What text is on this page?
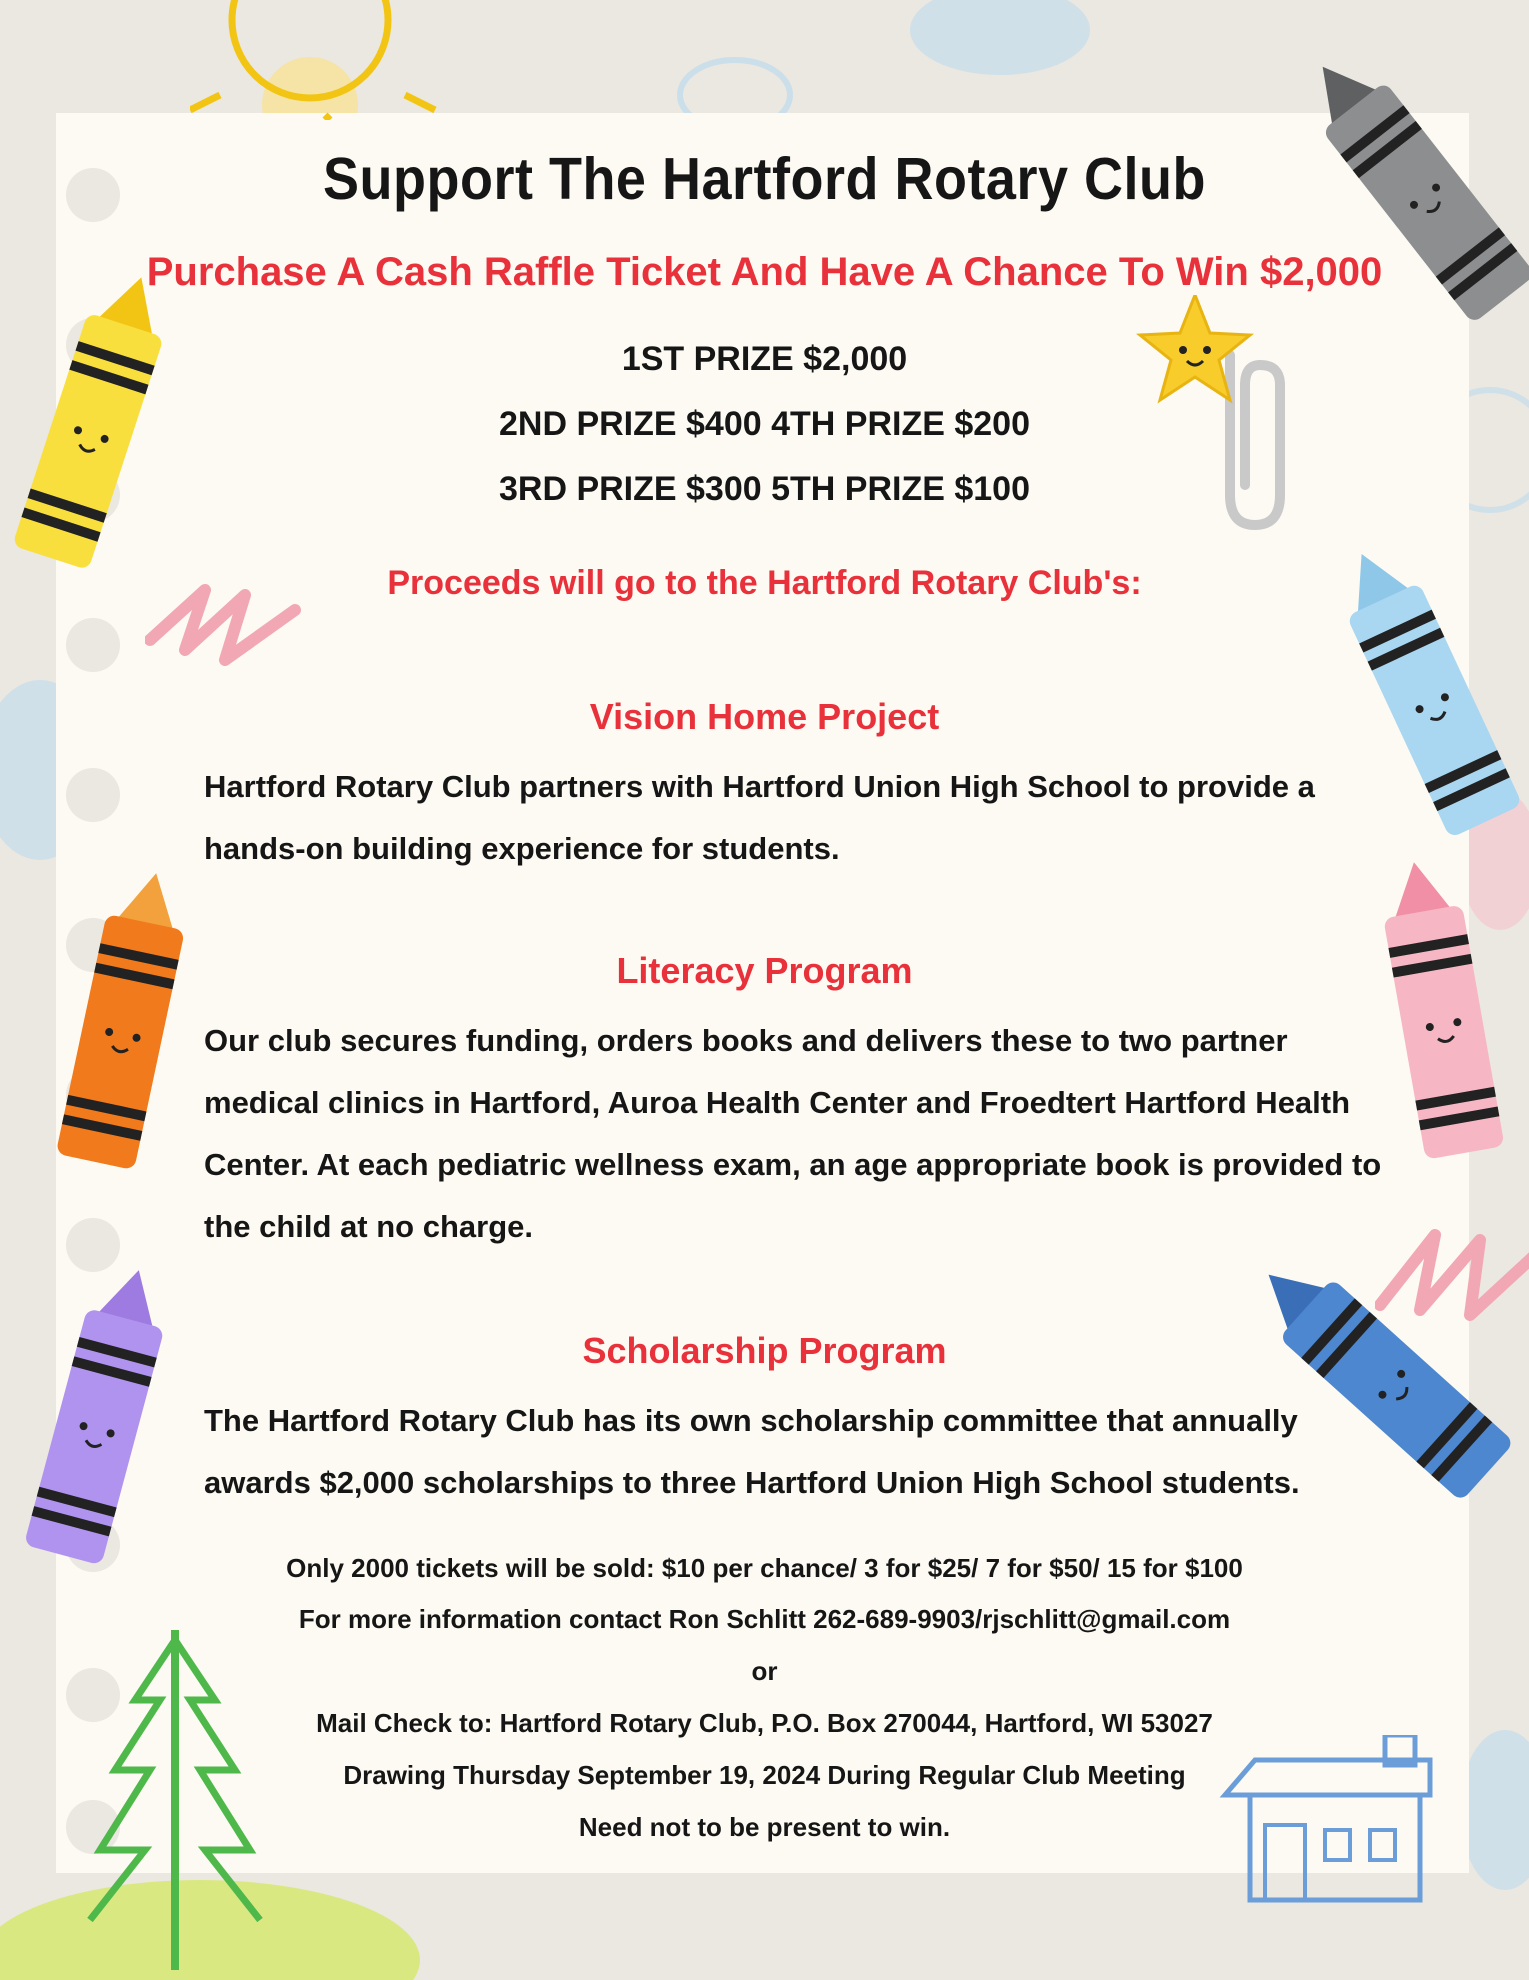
Support The Hartford Rotary Club
Purchase A Cash Raffle Ticket And Have A Chance To Win $2,000
1ST PRIZE $2,000
2ND PRIZE $400 4TH PRIZE $200
3RD PRIZE $300 5TH PRIZE $100
Proceeds will go to the Hartford Rotary Club's:
Vision Home Project

Hartford Rotary Club partners with Hartford Union High School to provide a hands-on building experience for students.

Literacy Program

Our club secures funding, orders books and delivers these to two partner medical clinics in Hartford, Auroa Health Center and Froedtert Hartford Health Center. At each pediatric wellness exam, an age appropriate book is provided to the child at no charge.

Scholarship Program

The Hartford Rotary Club has its own scholarship committee that annually awards $2,000 scholarships to three Hartford Union High School students.

Only 2000 tickets will be sold: $10 per chance/ 3 for $25/ 7 for $50/ 15 for $100
For more information contact Ron Schlitt 262-689-9903/rjschlitt@gmail.com
or
Mail Check to: Hartford Rotary Club, P.O. Box 270044, Hartford, WI 53027
Drawing Thursday September 19, 2024 During Regular Club Meeting
Need not to be present to win.
